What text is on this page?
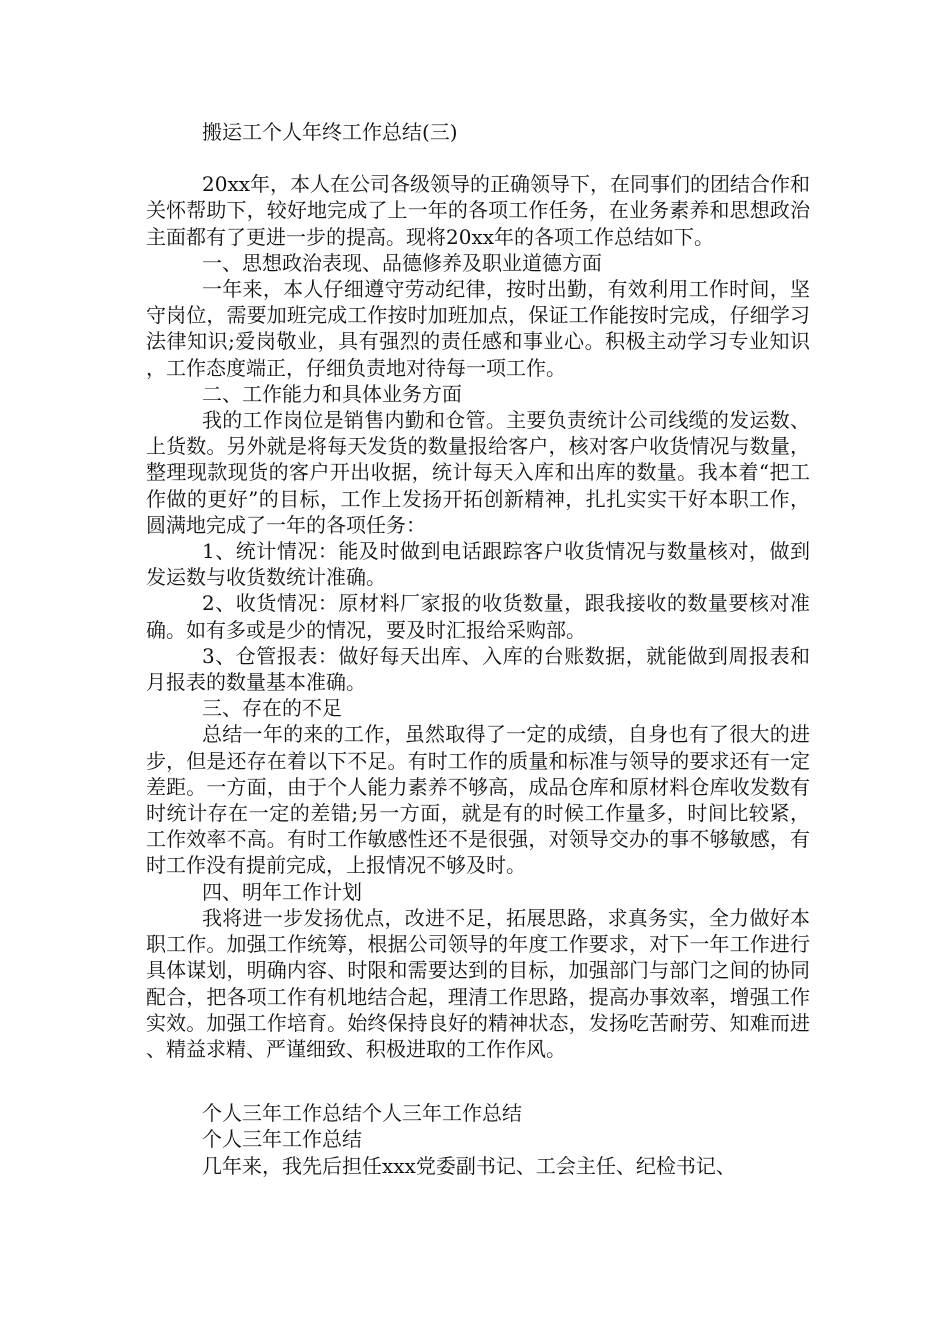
搬运工个人年终工作总结(三)

20xx年，本人在公司各级领导的正确领导下，在同事们的团结合作和关怀帮助下，较好地完成了上一年的各项工作任务，在业务素养和思想政治主面都有了更进一步的提高。现将20xx年的各项工作总结如下。

一、思想政治表现、品德修养及职业道德方面

一年来，本人仔细遵守劳动纪律，按时出勤，有效利用工作时间，坚守岗位，需要加班完成工作按时加班加点，保证工作能按时完成，仔细学习法律知识;爱岗敬业，具有强烈的责任感和事业心。积极主动学习专业知识，工作态度端正，仔细负责地对待每一项工作。

二、工作能力和具体业务方面

我的工作岗位是销售内勤和仓管。主要负责统计公司线缆的发运数、上货数。另外就是将每天发货的数量报给客户，核对客户收货情况与数量，整理现款现货的客户开出收据，统计每天入库和出库的数量。我本着“把工作做的更好”的目标，工作上发扬开拓创新精神，扎扎实实干好本职工作，圆满地完成了一年的各项任务：

1、统计情况：能及时做到电话跟踪客户收货情况与数量核对，做到发运数与收货数统计准确。

2、收货情况：原材料厂家报的收货数量，跟我接收的数量要核对准确。如有多或是少的情况，要及时汇报给采购部。

3、仓管报表：做好每天出库、入库的台账数据，就能做到周报表和月报表的数量基本准确。

三、存在的不足

总结一年的来的工作，虽然取得了一定的成绩，自身也有了很大的进步，但是还存在着以下不足。有时工作的质量和标准与领导的要求还有一定差距。一方面，由于个人能力素养不够高，成品仓库和原材料仓库收发数有时统计存在一定的差错;另一方面，就是有的时候工作量多，时间比较紧，工作效率不高。有时工作敏感性还不是很强，对领导交办的事不够敏感，有时工作没有提前完成，上报情况不够及时。

四、明年工作计划

我将进一步发扬优点，改进不足，拓展思路，求真务实，全力做好本职工作。加强工作统筹，根据公司领导的年度工作要求，对下一年工作进行具体谋划，明确内容、时限和需要达到的目标，加强部门与部门之间的协同配合，把各项工作有机地结合起，理清工作思路，提高办事效率，增强工作实效。加强工作培育。始终保持良好的精神状态，发扬吃苦耐劳、知难而进、精益求精、严谨细致、积极进取的工作作风。

个人三年工作总结个人三年工作总结

个人三年工作总结

几年来，我先后担任xxx党委副书记、工会主任、纪检书记、
